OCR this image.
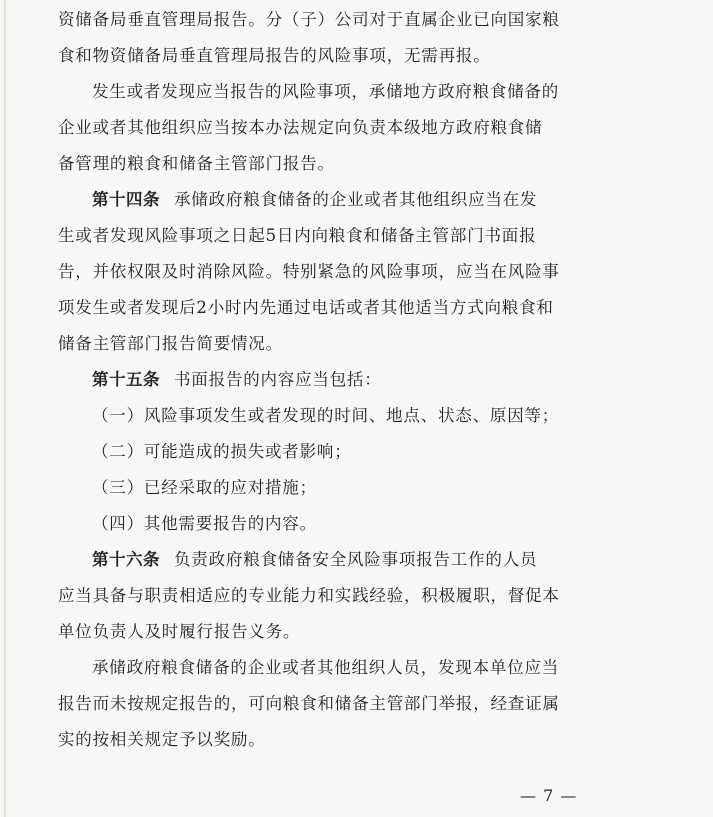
资储备局垂直管理局报告。分（子）公司对于直属企业已向国家粮
食和物资储备局垂直管理局报告的风险事项，无需再报。
发生或者发现应当报告的风险事项，承储地方政府粮食储备的
企业或者其他组织应当按本办法规定向负责本级地方政府粮食储
备管理的粮食和储备主管部门报告。
第十四条 承储政府粮食储备的企业或者其他组织应当在发
生或者发现风险事项之日起5日内向粮食和储备主管部门书面报
告，并依权限及时消除风险。特别紧急的风险事项，应当在风险事
项发生或者发现后2小时内先通过电话或者其他适当方式向粮食和
储备主管部门报告简要情况。
第十五条 书面报告的内容应当包括：
（一）风险事项发生或者发现的时间、地点、状态、原因等；
（二）可能造成的损失或者影响；
（三）已经采取的应对措施；
（四）其他需要报告的内容。
第十六条 负责政府粮食储备安全风险事项报告工作的人员
应当具备与职责相适应的专业能力和实践经验，积极履职，督促本
单位负责人及时履行报告义务。
承储政府粮食储备的企业或者其他组织人员，发现本单位应当
报告而未按规定报告的，可向粮食和储备主管部门举报，经查证属
实的按相关规定予以奖励。
— 7 —
